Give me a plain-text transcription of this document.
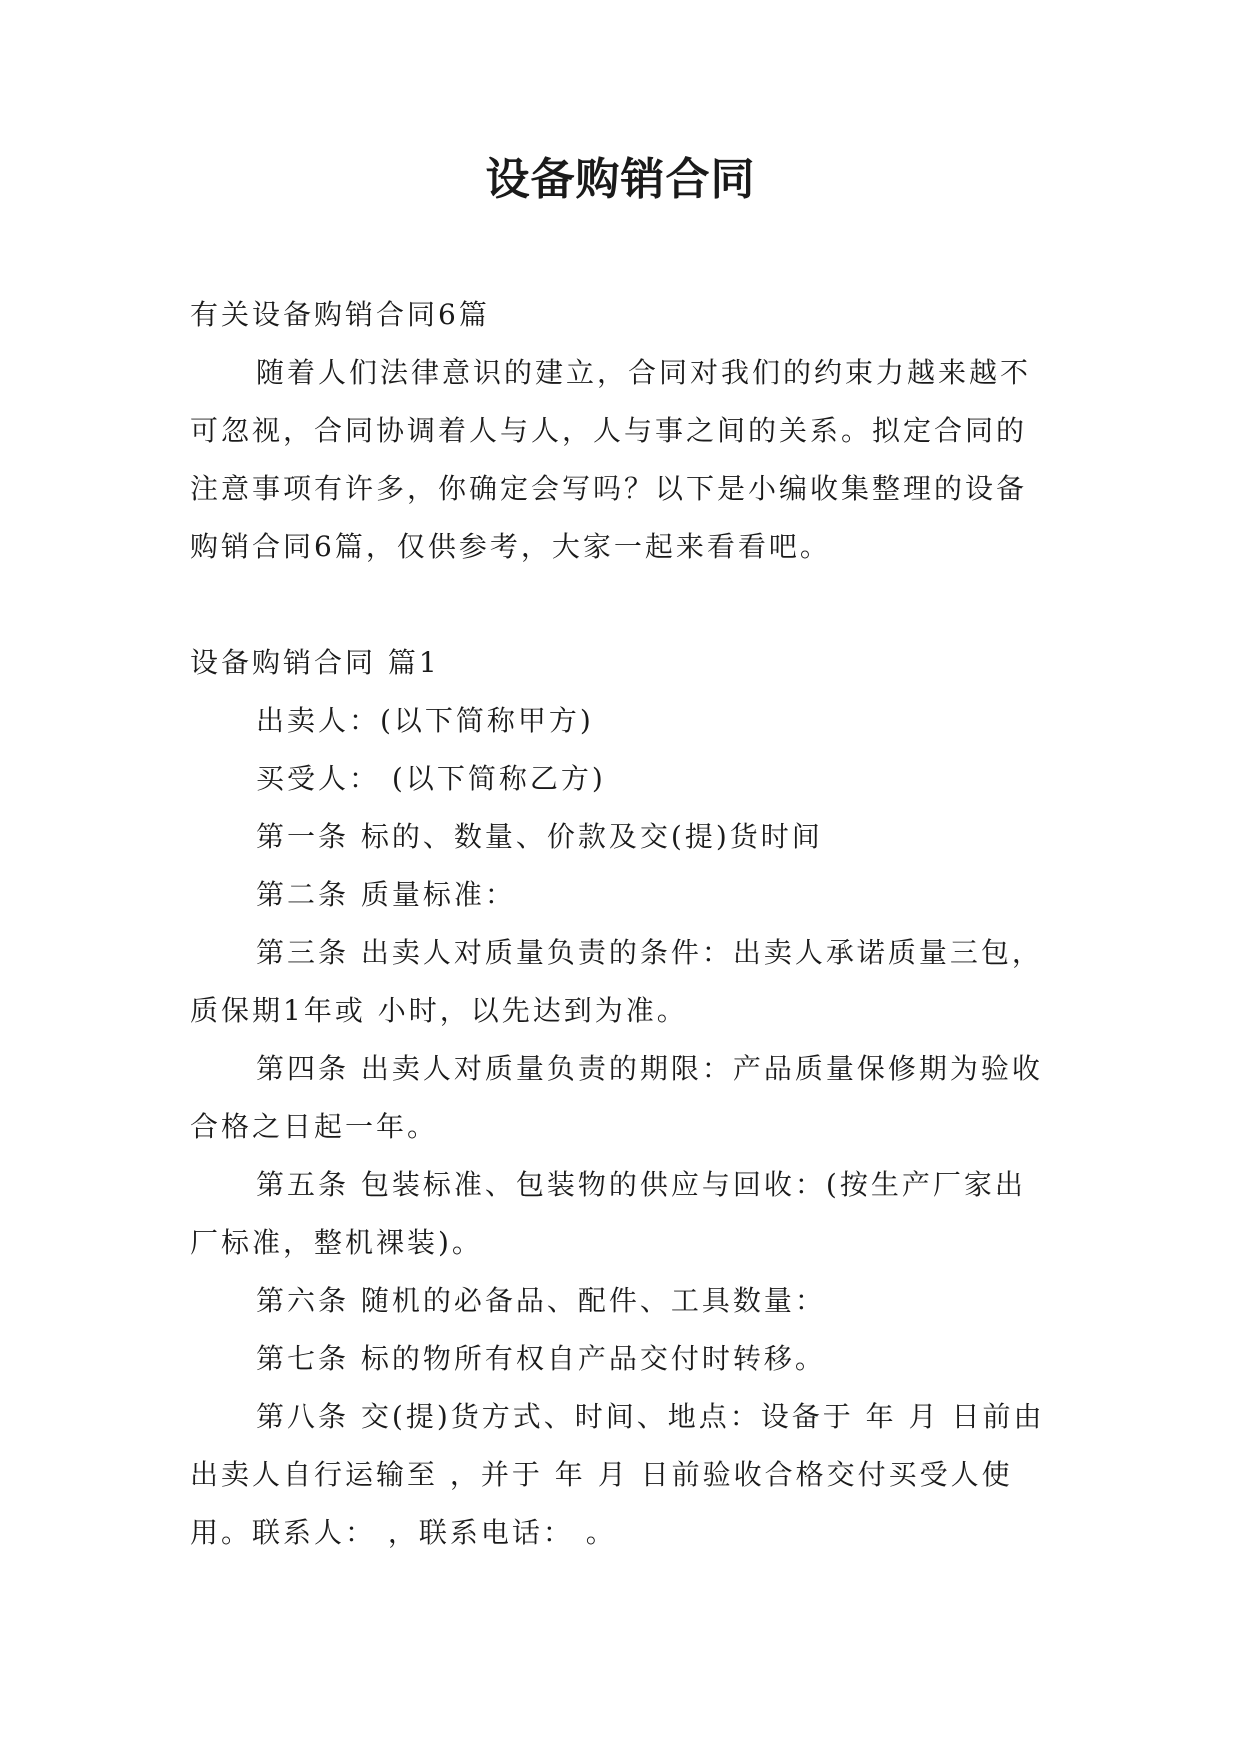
设备购销合同

有关设备购销合同6篇

随着人们法律意识的建立，合同对我们的约束力越来越不可忽视，合同协调着人与人，人与事之间的关系。拟定合同的注意事项有许多，你确定会写吗？以下是小编收集整理的设备购销合同6篇，仅供参考，大家一起来看看吧。

设备购销合同 篇1

出卖人：(以下简称甲方)

买受人： (以下简称乙方)

第一条 标的、数量、价款及交(提)货时间

第二条 质量标准：

第三条 出卖人对质量负责的条件：出卖人承诺质量三包，质保期1年或 小时，以先达到为准。

第四条 出卖人对质量负责的期限：产品质量保修期为验收合格之日起一年。

第五条 包装标准、包装物的供应与回收：(按生产厂家出厂标准，整机裸装)。

第六条 随机的必备品、配件、工具数量：

第七条 标的物所有权自产品交付时转移。

第八条 交(提)货方式、时间、地点：设备于 年 月 日前由出卖人自行运输至 ，并于 年 月 日前验收合格交付买受人使用。联系人： ，联系电话： 。
